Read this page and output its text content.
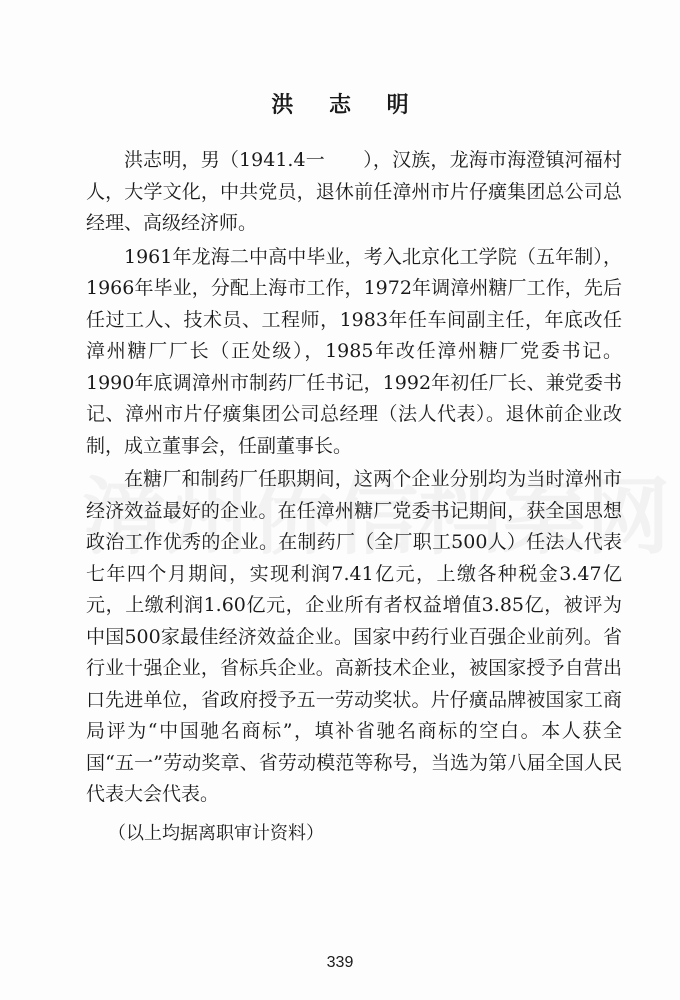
洪 志 明

洪志明，男（1941.4一　　），汉族，龙海市海澄镇河福村人，大学文化，中共党员，退休前任漳州市片仔癀集团总公司总经理、高级经济师。

1961年龙海二中高中毕业，考入北京化工学院（五年制），1966年毕业，分配上海市工作，1972年调漳州糖厂工作，先后任过工人、技术员、工程师，1983年任车间副主任，年底改任漳州糖厂厂长（正处级），1985年改任漳州糖厂党委书记。1990年底调漳州市制药厂任书记，1992年初任厂长、兼党委书记、漳州市片仔癀集团公司总经理（法人代表）。退休前企业改制，成立董事会，任副董事长。

在糖厂和制药厂任职期间，这两个企业分别均为当时漳州市经济效益最好的企业。在任漳州糖厂党委书记期间，获全国思想政治工作优秀的企业。在制药厂（全厂职工500人）任法人代表七年四个月期间，实现利润7.41亿元，上缴各种税金3.47亿元，上缴利润1.60亿元，企业所有者权益增值3.85亿，被评为中国500家最佳经济效益企业。国家中药行业百强企业前列。省行业十强企业，省标兵企业。高新技术企业，被国家授予自营出口先进单位，省政府授予五一劳动奖状。片仔癀品牌被国家工商局评为“中国驰名商标”，填补省驰名商标的空白。本人获全国“五一”劳动奖章、省劳动模范等称号，当选为第八届全国人民代表大会代表。

（以上均据离职审计资料）
339
